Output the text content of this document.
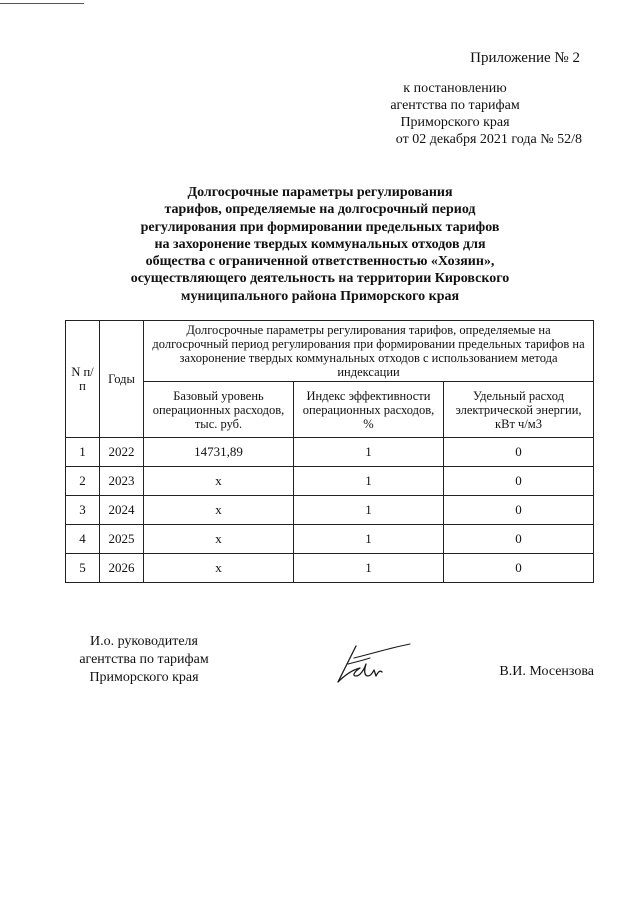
Приложение № 2
к постановлению
агентства по тарифам
Приморского края
от 02 декабря 2021 года № 52/8
Долгосрочные параметры регулирования
тарифов, определяемые на долгосрочный период
регулирования при формировании предельных тарифов
на захоронение твердых коммунальных отходов для
общества с ограниченной ответственностью «Хозяин»,
осуществляющего деятельность на территории Кировского
муниципального района Приморского края
N п/п	Годы	Долгосрочные параметры регулирования тарифов, определяемые на долгосрочный период регулирования при формировании предельных тарифов на захоронение твердых коммунальных отходов с использованием метода индексации		
		Базовый уровень операционных расходов, тыс. руб.	Индекс эффективности операционных расходов, %	Удельный расход электрической энергии, кВт ч/м3
1	2022	14731,89	1	0
2	2023	х	1	0
3	2024	х	1	0
4	2025	х	1	0
5	2026	х	1	0
И.о. руководителя
агентства по тарифам
Приморского края	В.И. Мосензова
